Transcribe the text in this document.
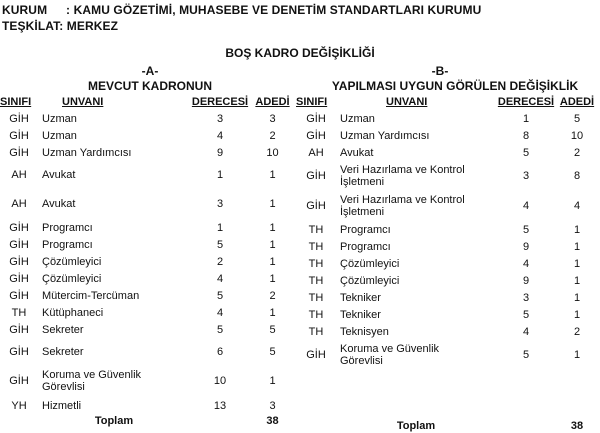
KURUM : KAMU GÖZETİMİ, MUHASEBE VE DENETİM STANDARTLARI KURUMU
TEŞKİLAT: MERKEZ
BOŞ KADRO DEĞİŞİKLİĞİ
-A-
MEVCUT KADRONUN
-B-
YAPILMASI UYGUN GÖRÜLEN DEĞİŞİKLİK
SINIFI	UNVANI	DERECESİ	ADEDİ
GİH	Uzman	3	3
GİH	Uzman	4	2
GİH	Uzman Yardımcısı	9	10
AH	Avukat	1	1
AH	Avukat	3	1
GİH	Programcı	1	1
GİH	Programcı	5	1
GİH	Çözümleyici	2	1
GİH	Çözümleyici	4	1
GİH	Mütercim-Tercüman	5	2
TH	Kütüphaneci	4	1
GİH	Sekreter	5	5
GİH	Sekreter	6	5
GİH	Koruma ve Güvenlik Görevlisi	10	1
YH	Hizmetli	13	3
	Toplam		38
SINIFI	UNVANI	DERECESİ	ADEDİ
GİH	Uzman	1	5
GİH	Uzman Yardımcısı	8	10
AH	Avukat	5	2
GİH	Veri Hazırlama ve Kontrol İşletmeni	3	8
GİH	Veri Hazırlama ve Kontrol İşletmeni	4	4
TH	Programcı	5	1
TH	Programcı	9	1
TH	Çözümleyici	4	1
TH	Çözümleyici	9	1
TH	Tekniker	3	1
TH	Tekniker	5	1
TH	Teknisyen	4	2
GİH	Koruma ve Güvenlik Görevlisi	5	1

	Toplam		38
